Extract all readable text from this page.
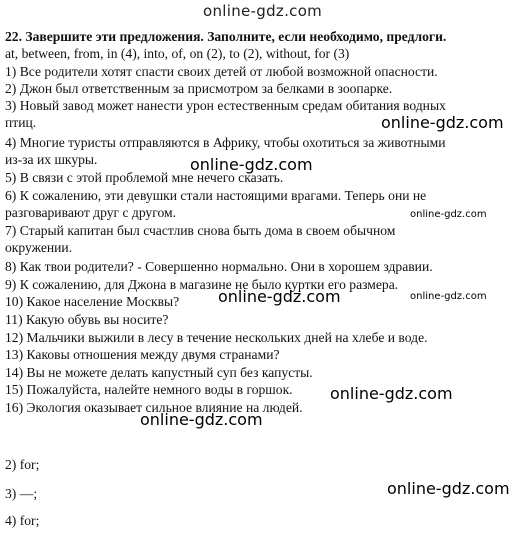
online-gdz.com
22. Завершите эти предложения. Заполните, если необходимо, предлоги.
at, between, from, in (4), into, of, on (2), to (2), without, for (3)
1) Все родители хотят спасти своих детей от любой возможной опасности.
2) Джон был ответственным за присмотром за белками в зоопарке.
3) Новый завод может нанести урон естественным средам обитания водных
птиц.
4) Многие туристы отправляются в Африку, чтобы охотиться за животными
из-за их шкуры.
5) В связи с этой проблемой мне нечего сказать.
6) К сожалению, эти девушки стали настоящими врагами. Теперь они не
разговаривают друг с другом.
7) Старый капитан был счастлив снова быть дома в своем обычном
окружении.
8) Как твои родители? - Совершенно нормально. Они в хорошем здравии.
9) К сожалению, для Джона в магазине не было куртки его размера.
10) Какое население Москвы?
11) Какую обувь вы носите?
12) Мальчики выжили в лесу в течение нескольких дней на хлебе и воде.
13) Каковы отношения между двумя странами?
14) Вы не можете делать капустный суп без капусты.
15) Пожалуйста, налейте немного воды в горшок.
16) Экология оказывает сильное влияние на людей.
2) for;
3) —;
4) for;
online-gdz.com
online-gdz.com
online-gdz.com
online-gdz.com
online-gdz.com
online-gdz.com
online-gdz.com
online-gdz.com
